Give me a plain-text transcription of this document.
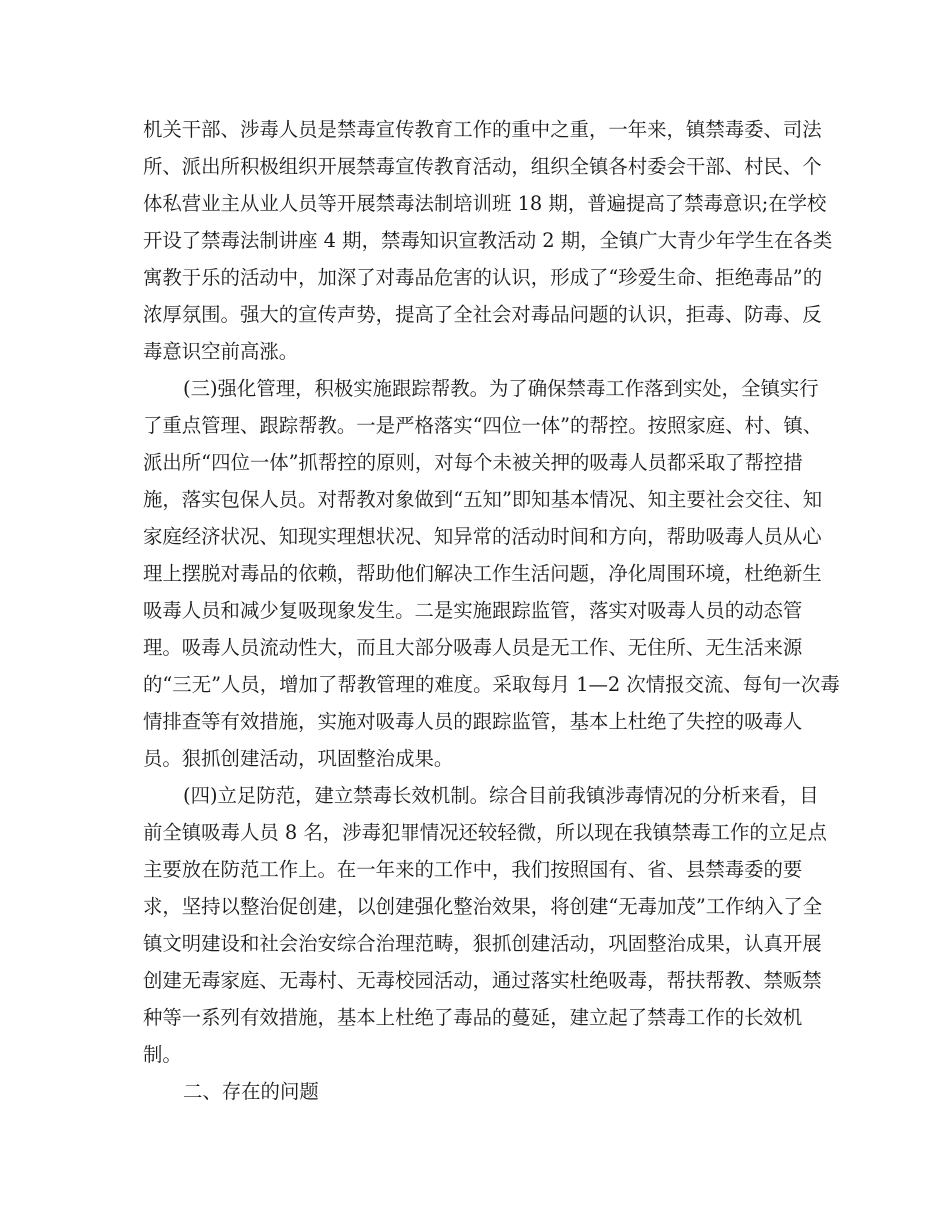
机关干部、涉毒人员是禁毒宣传教育工作的重中之重，一年来，镇禁毒委、司法
所、派出所积极组织开展禁毒宣传教育活动，组织全镇各村委会干部、村民、个
体私营业主从业人员等开展禁毒法制培训班 18 期，普遍提高了禁毒意识;在学校
开设了禁毒法制讲座 4 期，禁毒知识宣教活动 2 期，全镇广大青少年学生在各类
寓教于乐的活动中，加深了对毒品危害的认识，形成了“珍爱生命、拒绝毒品”的
浓厚氛围。强大的宣传声势，提高了全社会对毒品问题的认识，拒毒、防毒、反
毒意识空前高涨。
(三)强化管理，积极实施跟踪帮教。为了确保禁毒工作落到实处，全镇实行
了重点管理、跟踪帮教。一是严格落实“四位一体”的帮控。按照家庭、村、镇、
派出所“四位一体”抓帮控的原则，对每个未被关押的吸毒人员都采取了帮控措
施，落实包保人员。对帮教对象做到“五知”即知基本情况、知主要社会交往、知
家庭经济状况、知现实理想状况、知异常的活动时间和方向，帮助吸毒人员从心
理上摆脱对毒品的依赖，帮助他们解决工作生活问题，净化周围环境，杜绝新生
吸毒人员和减少复吸现象发生。二是实施跟踪监管，落实对吸毒人员的动态管
理。吸毒人员流动性大，而且大部分吸毒人员是无工作、无住所、无生活来源
的“三无”人员，增加了帮教管理的难度。采取每月 1—2 次情报交流、每旬一次毒
情排查等有效措施，实施对吸毒人员的跟踪监管，基本上杜绝了失控的吸毒人
员。狠抓创建活动，巩固整治成果。
(四)立足防范，建立禁毒长效机制。综合目前我镇涉毒情况的分析来看，目
前全镇吸毒人员 8 名，涉毒犯罪情况还较轻微，所以现在我镇禁毒工作的立足点
主要放在防范工作上。在一年来的工作中，我们按照国有、省、县禁毒委的要
求，坚持以整治促创建，以创建强化整治效果，将创建“无毒加茂”工作纳入了全
镇文明建设和社会治安综合治理范畴，狠抓创建活动，巩固整治成果，认真开展
创建无毒家庭、无毒村、无毒校园活动，通过落实杜绝吸毒，帮扶帮教、禁贩禁
种等一系列有效措施，基本上杜绝了毒品的蔓延，建立起了禁毒工作的长效机
制。
二、存在的问题
